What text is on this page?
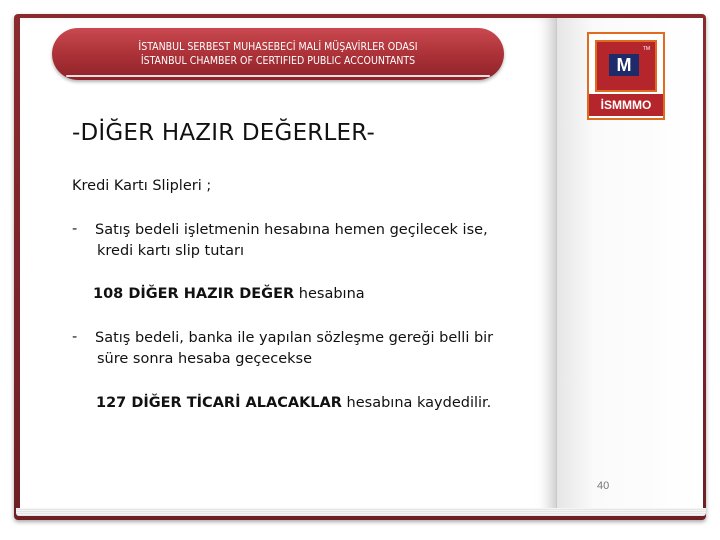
İSTANBUL SERBEST MUHASEBECİ MALİ MÜŞAVİRLER ODASI
İSTANBUL CHAMBER OF CERTIFIED PUBLIC ACCOUNTANTS	M
TM
İSMMMO
-DİĞER HAZIR DEĞERLER-
Kredi Kartı Slipleri ;
- Satış bedeli işletmenin hesabına hemen geçilecek ise,
kredi kartı slip tutarı
108 DİĞER HAZIR DEĞER hesabına
- Satış bedeli, banka ile yapılan sözleşme gereği belli bir
süre sonra hesaba geçecekse
127 DİĞER TİCARİ ALACAKLAR hesabına kaydedilir.
40
